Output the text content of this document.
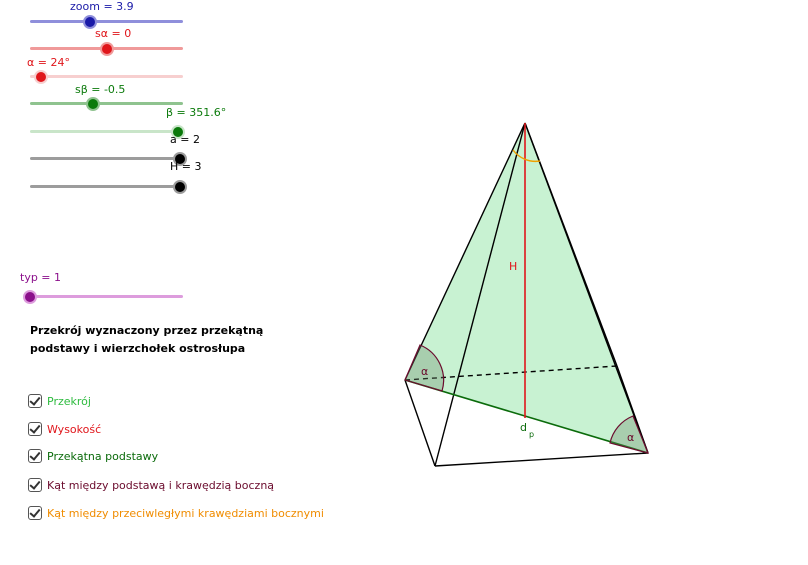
zoom = 3.9
sα = 0
α = 24°
sβ = -0.5
β = 351.6°
a = 2
H = 3
typ = 1
Przekrój wyznaczony przez przekątną
podstawy i wierzchołek ostrosłupa
Przekrój
Wysokość
Przekątna podstawy
Kąt między podstawą i krawędzią boczną
Kąt między przeciwległymi krawędziami bocznymi
H
α
α
d
p
